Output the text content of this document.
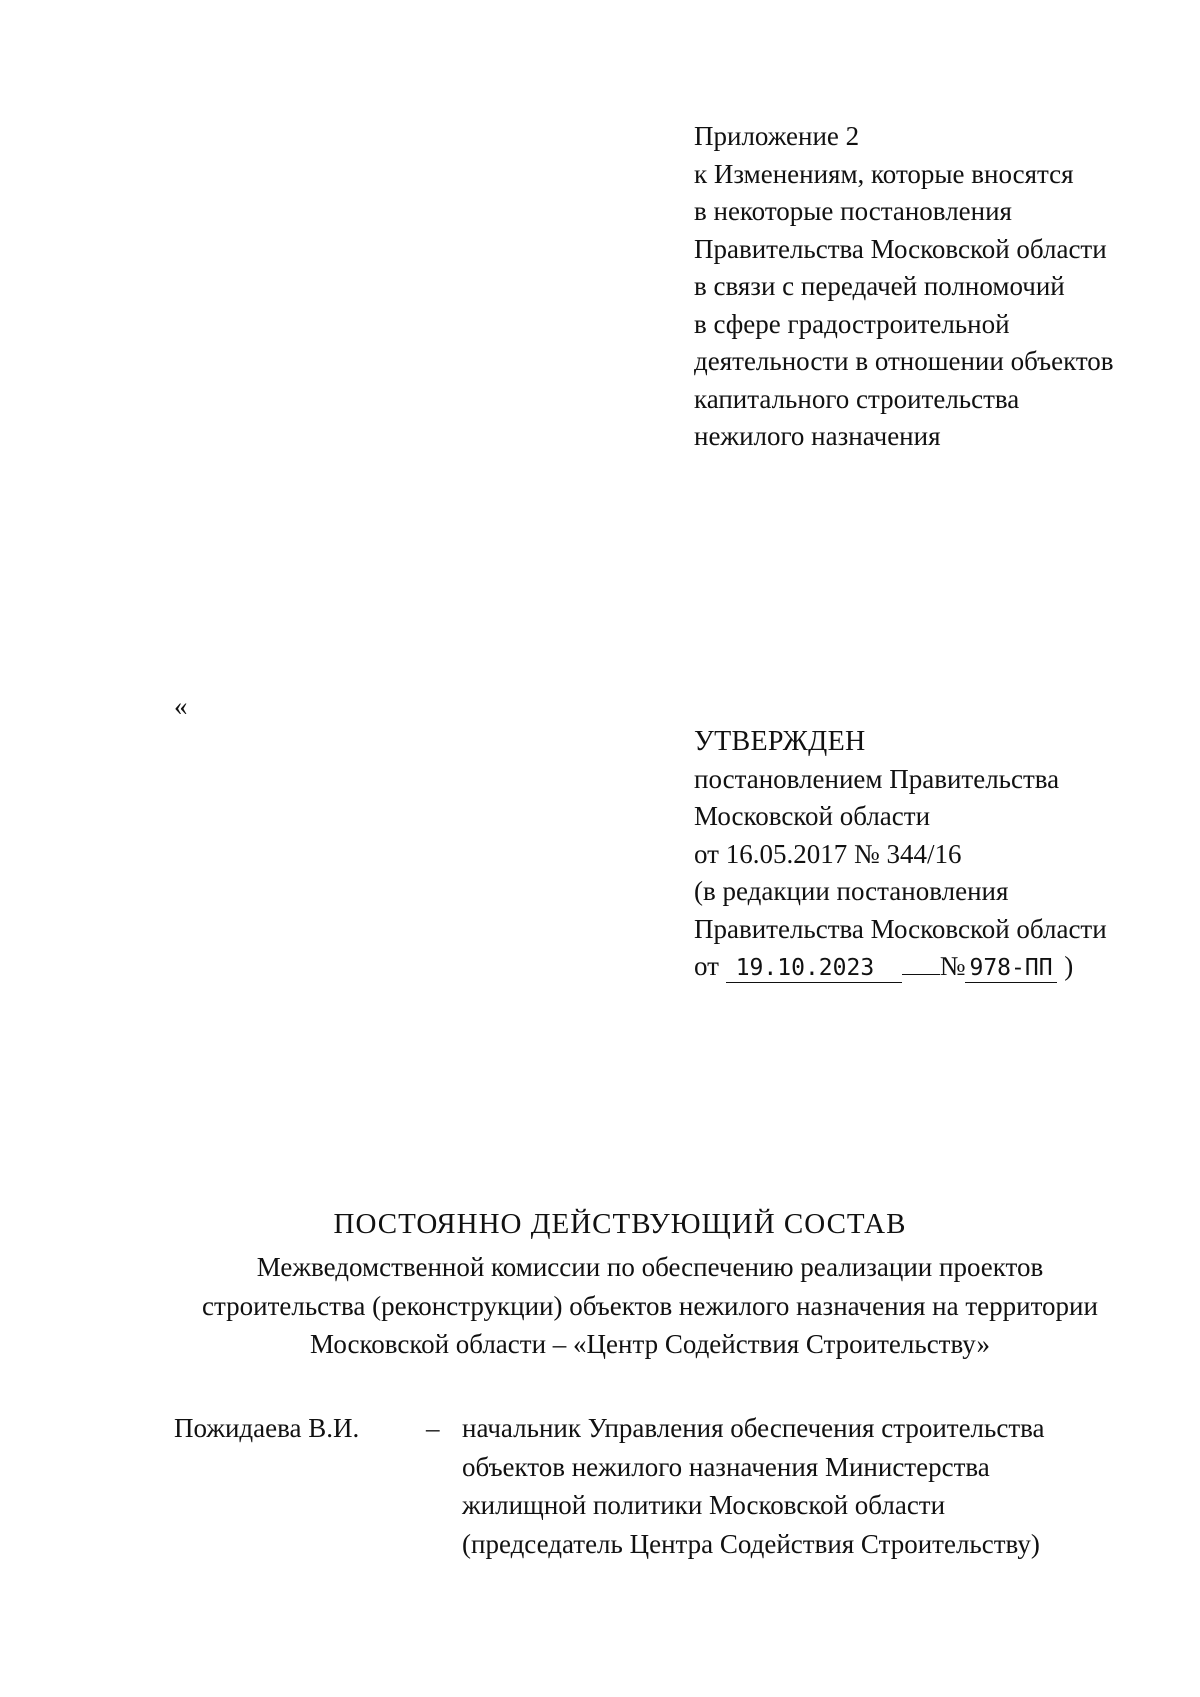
Приложение 2
к Изменениям, которые вносятся
в некоторые постановления
Правительства Московской области
в связи с передачей полномочий
в сфере градостроительной
деятельности в отношении объектов
капитального строительства
нежилого назначения
«
УТВЕРЖДЕН
постановлением Правительства
Московской области
от 16.05.2017 № 344/16
(в редакции постановления
Правительства Московской области
от 19.10.2023 № 978-ПП )
ПОСТОЯННО ДЕЙСТВУЮЩИЙ СОСТАВ
Межведомственной комиссии по обеспечению реализации проектов
строительства (реконструкции) объектов нежилого назначения на территории
Московской области – «Центр Содействия Строительству»
Пожидаева В.И. – начальник Управления обеспечения строительства
объектов нежилого назначения Министерства
жилищной политики Московской области
(председатель Центра Содействия Строительству)
